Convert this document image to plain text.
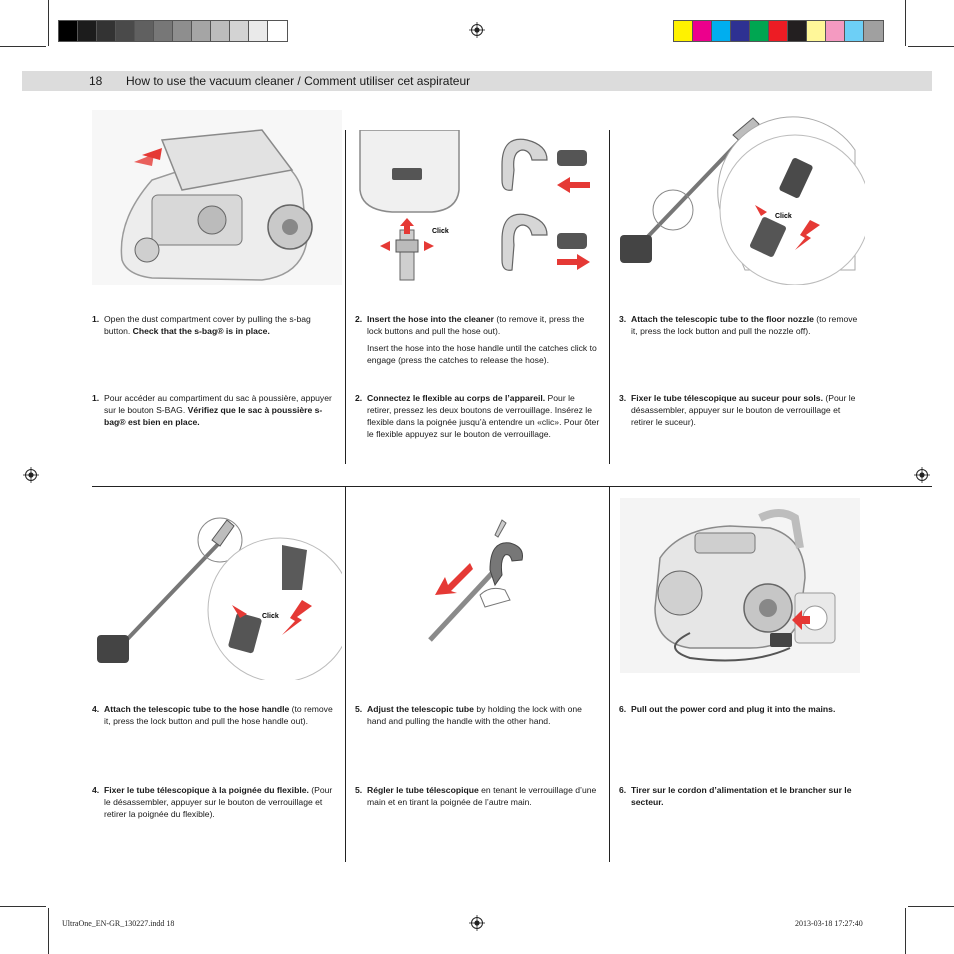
18 How to use the vacuum cleaner / Comment utiliser cet aspirateur
Click
Click
Click
1. Open the dust compartment cover by pulling the s-bag button. Check that the s-bag® is in place.

1. Pour accéder au compartiment du sac à poussière, appuyer sur le bouton S-BAG. Vérifiez que le sac à poussière s-bag® est bien en place.

2. Insert the hose into the cleaner (to remove it, press the lock buttons and pull the hose out).

Insert the hose into the hose handle until the catches click to engage (press the catches to release the hose).

2. Connectez le flexible au corps de l’appareil. Pour le retirer, pressez les deux boutons de verrouillage. Insérez le flexible dans la poignée jusqu’à entendre un «clic». Pour ôter le flexible appuyez sur le bouton de verrouillage.

3. Attach the telescopic tube to the floor nozzle (to remove it, press the lock button and pull the nozzle off).

3. Fixer le tube télescopique au suceur pour sols. (Pour le désassembler, appuyer sur le bouton de verrouillage et retirer le suceur).

4. Attach the telescopic tube to the hose handle (to remove it, press the lock button and pull the hose handle out).

4. Fixer le tube télescopique à la poignée du flexible. (Pour le désassembler, appuyer sur le bouton de verrouillage et retirer la poignée du flexible).

5. Adjust the telescopic tube by holding the lock with one hand and pulling the handle with the other hand.

5. Régler le tube télescopique en tenant le verrouillage d’une main et en tirant la poignée de l’autre main.

6. Pull out the power cord and plug it into the mains.

6. Tirer sur le cordon d’alimentation et le brancher sur le secteur.

UltraOne_EN-GR_130227.indd 18	2013-03-18 17:27:40
